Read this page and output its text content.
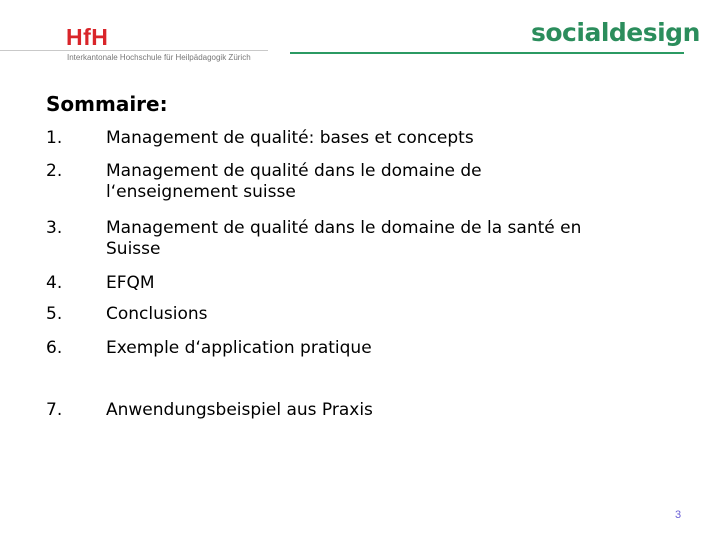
HfH
Interkantonale Hochschule für Heilpädagogik Zürich
socialdesign
Sommaire:
1.	Management de qualité: bases et concepts
2.	Management de qualité dans le domaine de l‘enseignement suisse
3.	Management de qualité dans le domaine de la santé en Suisse
4.	EFQM
5.	Conclusions
6.	Exemple d‘application pratique
7.	Anwendungsbeispiel aus Praxis
3
